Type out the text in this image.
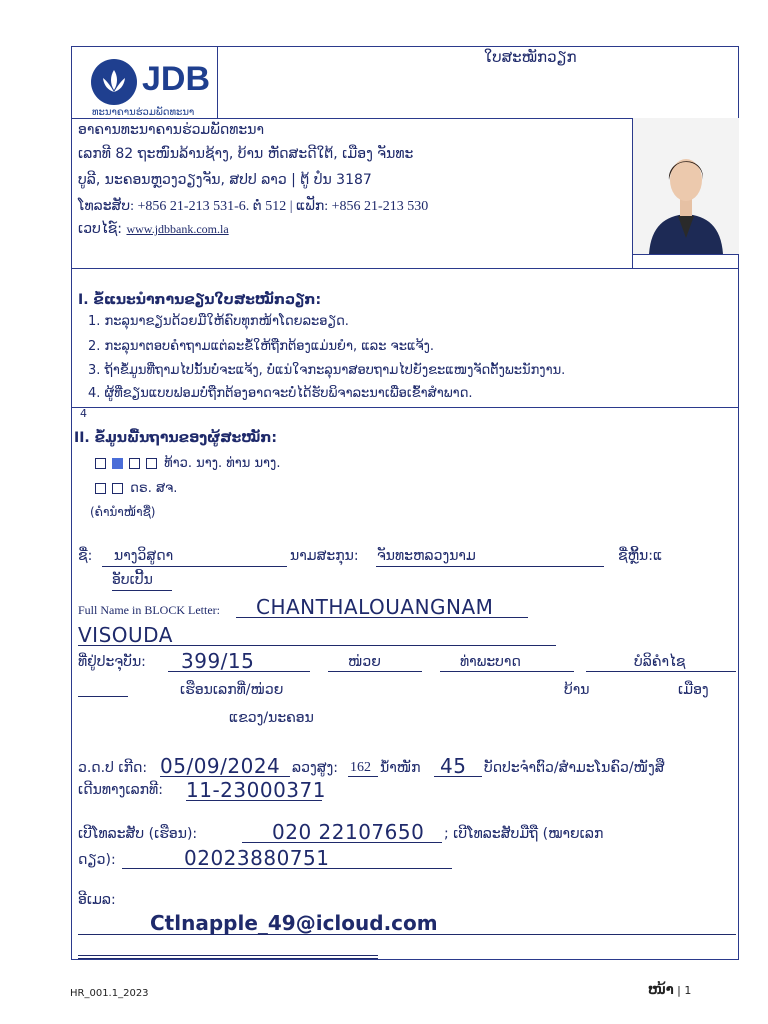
JDB
ທະນາຄານຮ່ວມພັດທະນາ
ໃບສະໝັກວຽກ
ອາຄານທະນາຄານຮ່ວມພັດທະນາ
ເລກທີ 82 ຖະໜົນລ້ານຊ້າງ, ບ້ານ ຫັດສະດີໃຕ້, ເມືອງ ຈັນທະ
ບູລີ, ນະຄອນຫຼວງວຽງຈັນ, ສປປ ລາວ | ຕູ້ ປ໋ນ 3187
ໂທລະສັບ: +856 21-213 531-6. ຕໍ່ 512 | ແຟັກ: +856 21-213 530
ເວບໄຊ໌: www.jdbbank.com.la
I. ຂໍ້ແນະນຳການຂຽນໃບສະໝັກວຽກ:
1. ກະລຸນາຂຽນດ້ວຍມືໃຫ້ຄົບທຸກໜ້າໂດຍລະອຽດ.
2. ກະລຸນາຕອບຄຳຖາມແຕ່ລະຂໍ້ໃຫ້ຖືກຕ້ອງແມ່ນຍຳ, ແລະ ຈະແຈ້ງ.
3. ຖ້າຂໍ້ມູນທີ່ຖາມໄປນັ້ນບໍ່ຈະແຈ້ງ, ບໍ່ແນ່ໃຈກະລຸນາສອບຖາມໄປຍັງຂະແໜງຈັດຕັ້ງພະນັກງານ.
4. ຜູ້ທີ່ຂຽນແບບຟອມບໍ່ຖືກຕ້ອງອາດຈະບໍ່ໄດ້ຮັບພິຈາລະນາເພື່ອເຂົ້າສຳພາດ.
4
II. ຂໍ້ມູນພື້ນຖານຂອງຜູ້ສະໝັກ:
ທ້າວ. ນາງ. ທ່ານ ນາງ.
ດຣ. ສຈ.
(ຄຳນຳໜ້າຊື່)
ຊື່: ນາງວິສູດາ	ນາມສະກຸນ: ຈັນທະຫລວງນາມ	ຊື່ຫຼິ້ນ:ແ
ອັບເປີ້ນ
Full Name in BLOCK Letter: CHANTHALOUANGNAM
VISOUDA
ທີ່ຢູ່ປະຈຸບັນ: 399/15	ໜ່ວຍ	ທ່າພະບາດ	ບໍລິຄຳໄຊ
ເຮືອນເລກທີ່/ໜ່ວຍ	ບ້ານ	ເມືອງ
ແຂວງ/ນະຄອນ
ວ.ດ.ປ ເກີດ: 05/09/2024 ລວງສູງ: 162 ນ້ຳໜັກ 45 ບັດປະຈຳຕົວ/ສຳມະໂນຄົວ/ໜັງສື
ເດີນທາງເລກທີ: 11-23000371
ເບີໂທລະສັບ (ເຮືອນ):	020 22107650 ; ເບີໂທລະສັບມືຖື (ໝາຍເລກ
ດຽວ):	02023880751
ອີເມລ:
Ctlnapple_49@icloud.com
HR_001.1_2023	ໜ້າ | 1
